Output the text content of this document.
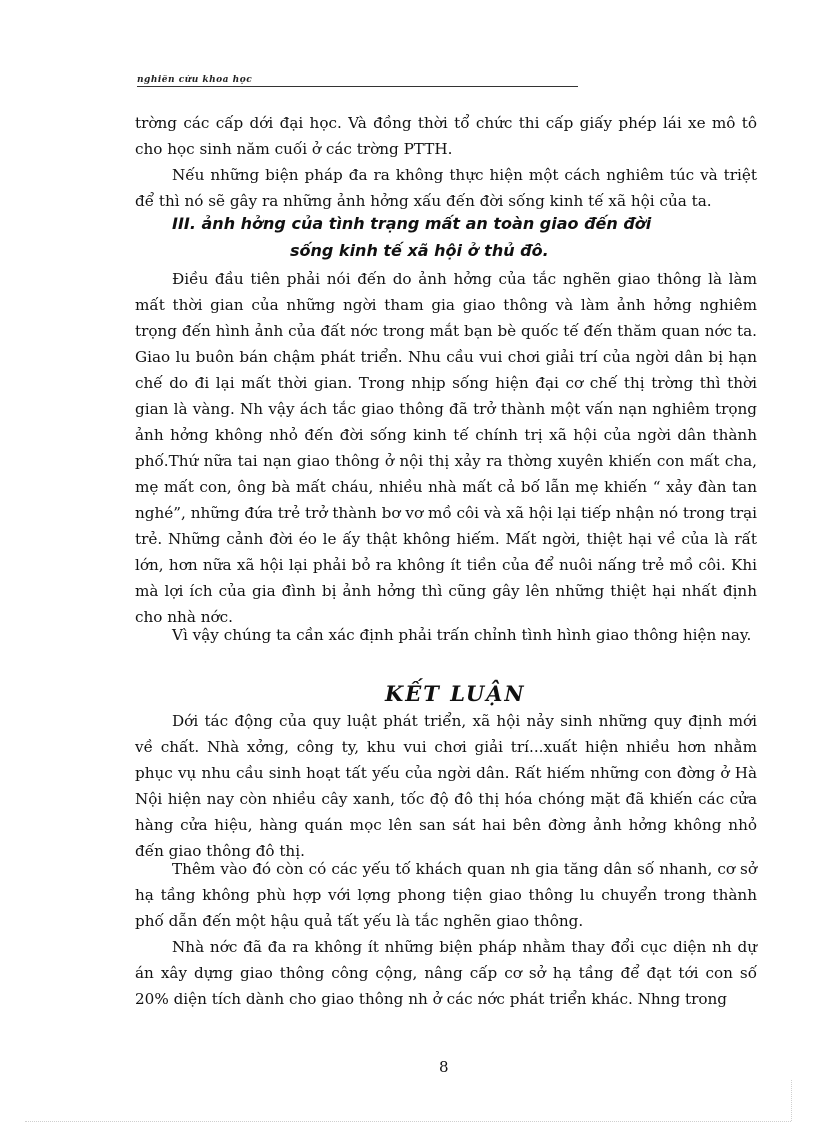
nghiên cứu khoa học

trờng các cấp dới đại học. Và đồng thời tổ chức thi cấp giấy phép lái xe mô tô cho học sinh năm cuối ở các trờng PTTH.

Nếu những biện pháp đa ra không thực hiện một cách nghiêm túc và triệt để thì nó sẽ gây ra những ảnh hởng xấu đến đời sống kinh tế xã hội của ta.

III. ảnh hởng của tình trạng mất an toàn giao đến đời
sống kinh tế xã hội ở thủ đô.

Điều đầu tiên phải nói đến do ảnh hởng của tắc nghẽn giao thông là làm mất thời gian của những ngời tham gia giao thông và làm ảnh hởng nghiêm trọng đến hình ảnh của đất nớc trong mắt bạn bè quốc tế đến thăm quan nớc ta. Giao lu buôn bán chậm phát triển. Nhu cầu vui chơi giải trí của ngời dân bị hạn chế do đi lại mất thời gian. Trong nhịp sống hiện đại cơ chế thị trờng thì thời gian là vàng. Nh vậy ách tắc giao thông đã trở thành một vấn nạn nghiêm trọng ảnh hởng không nhỏ đến đời sống kinh tế chính trị xã hội của ngời dân thành phố.Thứ nữa tai nạn giao thông ở nội thị xảy ra thờng xuyên khiến con mất cha, mẹ mất con, ông bà mất cháu, nhiều nhà mất cả bố lẫn mẹ khiến “ xảy đàn tan nghé”, những đứa trẻ trở thành bơ vơ mồ côi và xã hội lại tiếp nhận nó trong trại trẻ. Những cảnh đời éo le ấy thật không hiếm. Mất ngời, thiệt hại về của là rất lớn, hơn nữa xã hội lại phải bỏ ra không ít tiền của để nuôi nấng trẻ mồ côi. Khi mà lợi ích của gia đình bị ảnh hởng thì cũng gây lên những thiệt hại nhất định cho nhà nớc.

Vì vậy chúng ta cần xác định phải trấn chỉnh tình hình giao thông hiện nay.

KẾT LUẬN

Dới tác động của quy luật phát triển, xã hội nảy sinh những quy định mới về chất. Nhà xởng, công ty, khu vui chơi giải trí...xuất hiện nhiều hơn nhằm phục vụ nhu cầu sinh hoạt tất yếu của ngời dân. Rất hiếm những con đờng ở Hà Nội hiện nay còn nhiều cây xanh, tốc độ đô thị hóa chóng mặt đã khiến các cửa hàng cửa hiệu, hàng quán mọc lên san sát hai bên đờng ảnh hởng không nhỏ đến giao thông đô thị.

Thêm vào đó còn có các yếu tố khách quan nh gia tăng dân số nhanh, cơ sở hạ tầng không phù hợp với lợng phong tiện giao thông lu chuyển trong thành phố dẫn đến một hậu quả tất yếu là tắc nghẽn giao thông.

Nhà nớc đã đa ra không ít những biện pháp nhằm thay đổi cục diện nh dự án xây dựng giao thông công cộng, nâng cấp cơ sở hạ tầng để đạt tới con số 20% diện tích dành cho giao thông nh ở các nớc phát triển khác. Nhng trong

8
